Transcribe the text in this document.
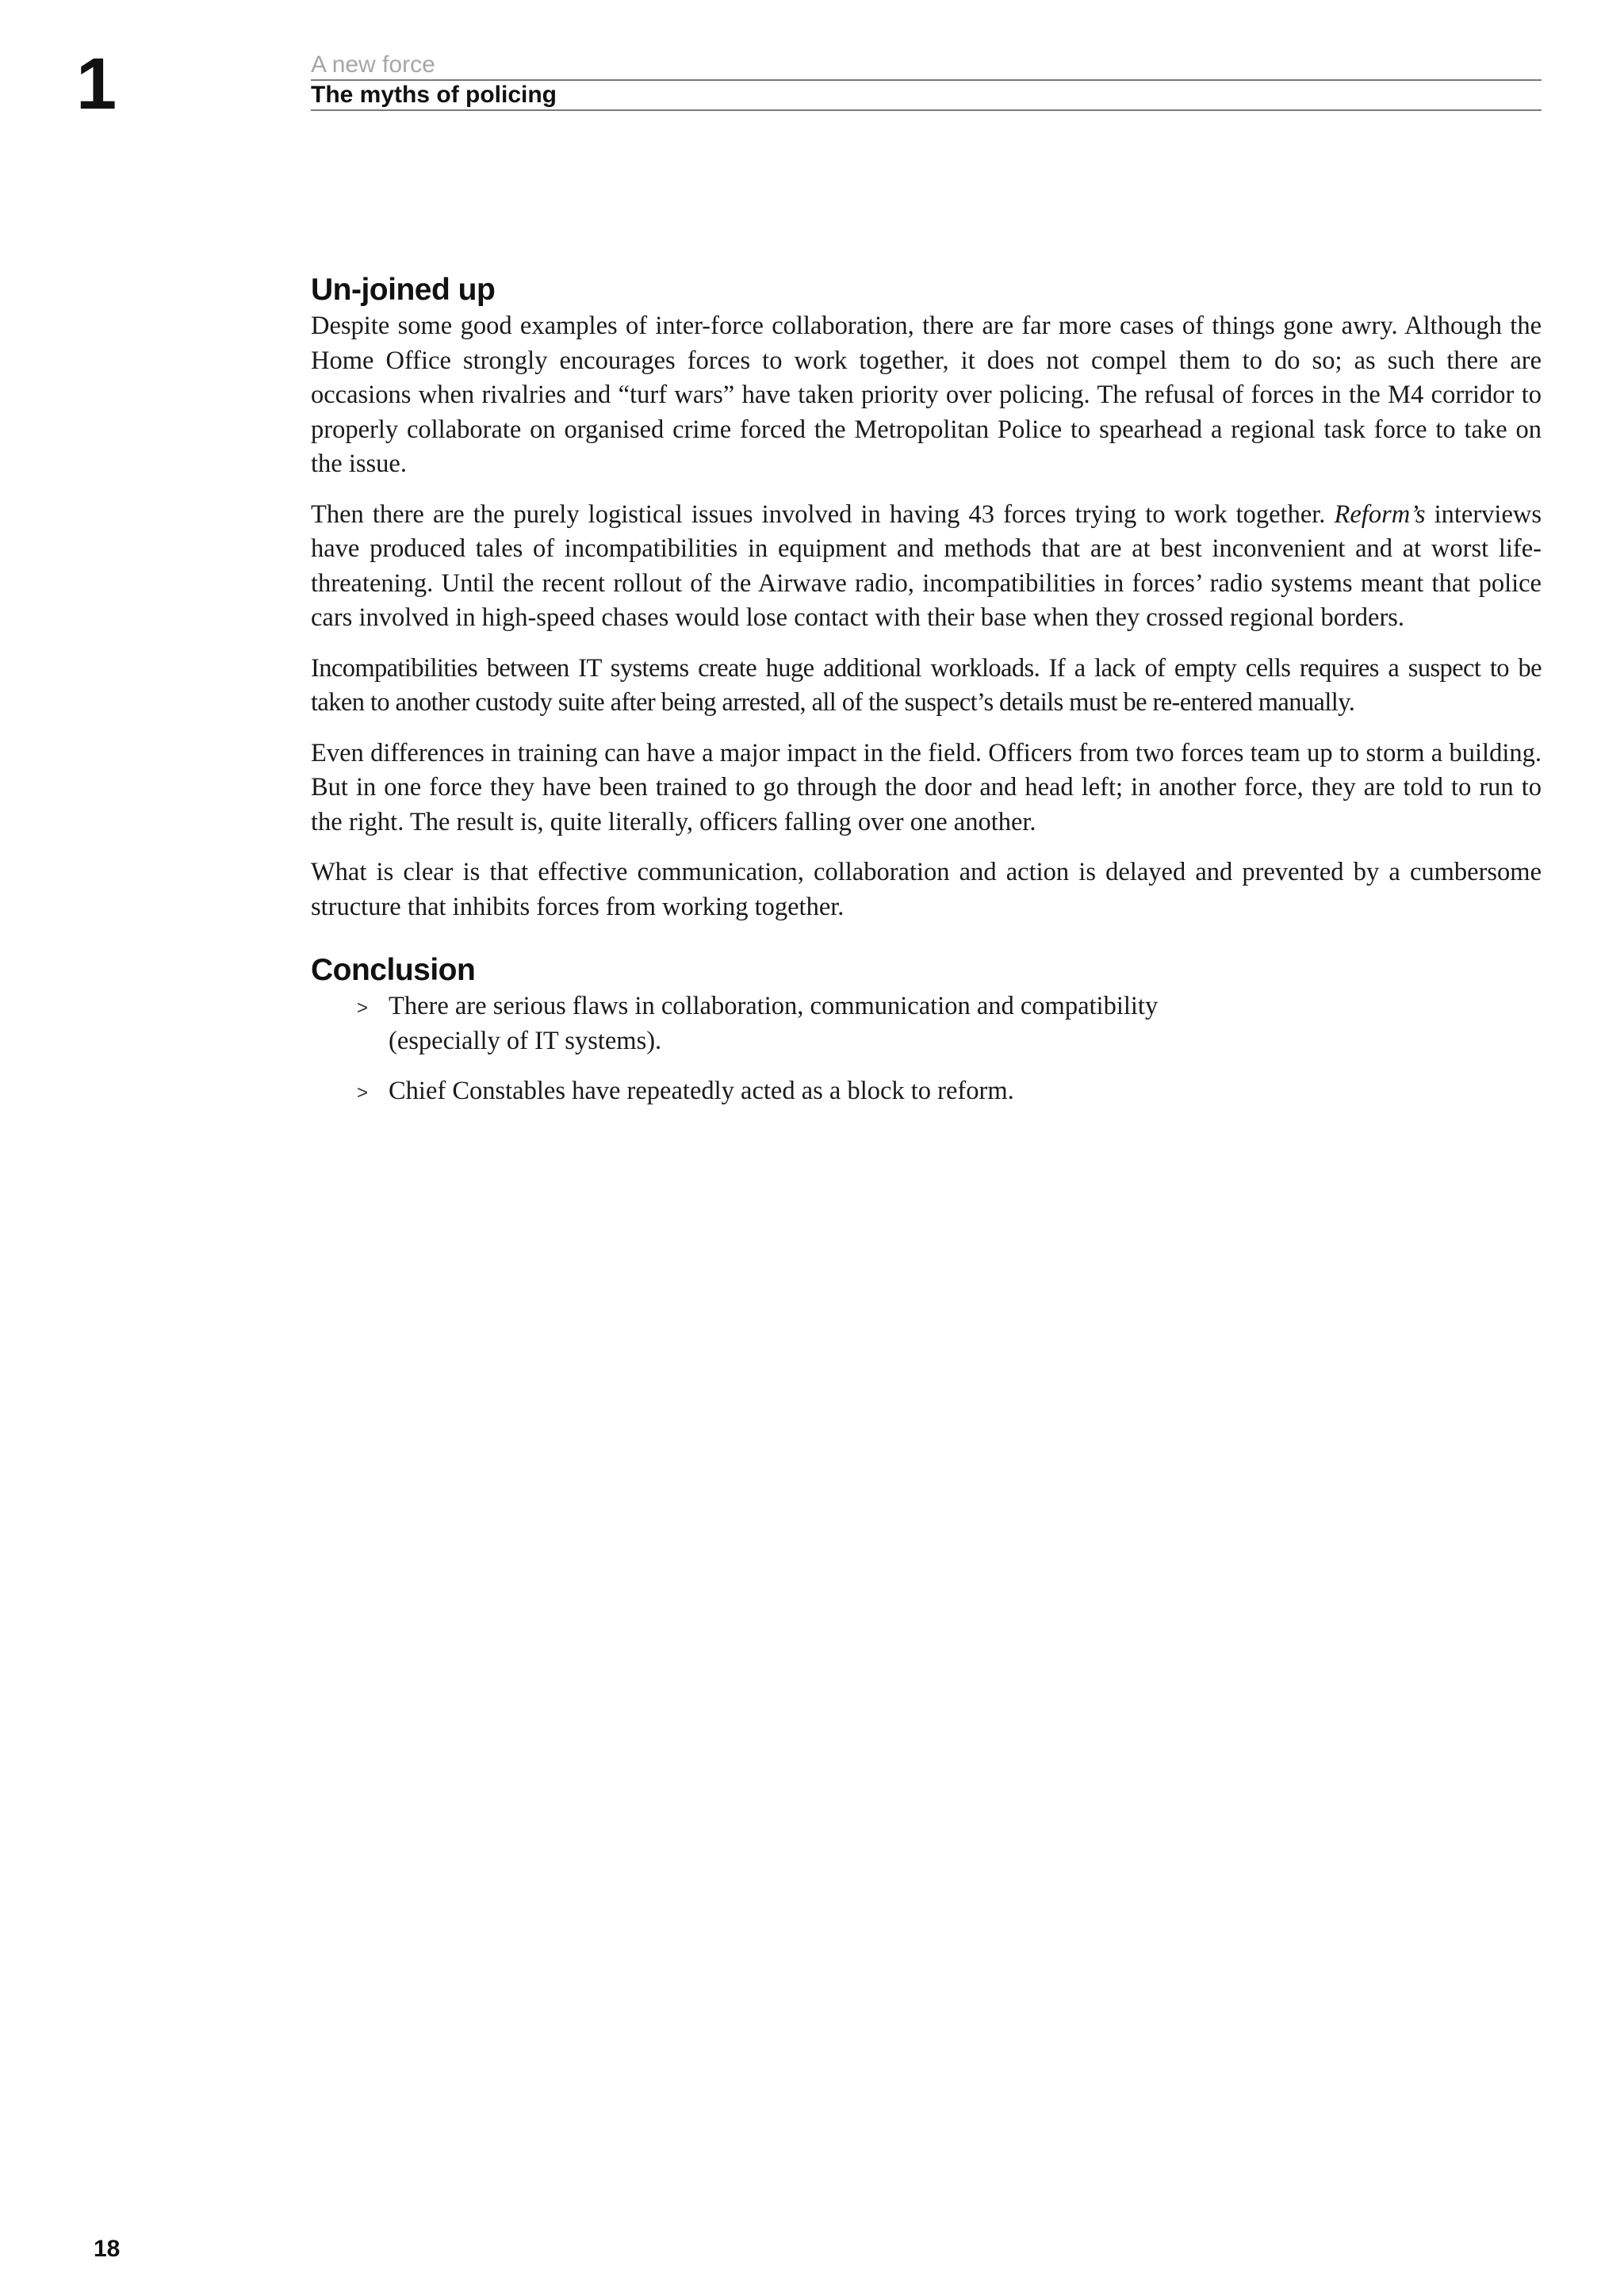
1	A new force
The myths of policing
Un-joined up

Despite some good examples of inter-force collaboration, there are far more cases of things gone awry. Although the Home Office strongly encourages forces to work together, it does not compel them to do so; as such there are occasions when rivalries and “turf wars” have taken priority over policing. The refusal of forces in the M4 corridor to properly collaborate on organised crime forced the Metropolitan Police to spearhead a regional task force to take on the issue.

Then there are the purely logistical issues involved in having 43 forces trying to work together. Reform’s interviews have produced tales of incompatibilities in equipment and methods that are at best inconvenient and at worst life-threatening. Until the recent rollout of the Airwave radio, incompatibilities in forces’ radio systems meant that police cars involved in high-speed chases would lose contact with their base when they crossed regional borders.

Incompatibilities between IT systems create huge additional workloads. If a lack of empty cells requires a suspect to be taken to another custody suite after being arrested, all of the suspect’s details must be re-entered manually.

Even differences in training can have a major impact in the field. Officers from two forces team up to storm a building. But in one force they have been trained to go through the door and head left; in another force, they are told to run to the right. The result is, quite literally, officers falling over one another.

What is clear is that effective communication, collaboration and action is delayed and prevented by a cumbersome structure that inhibits forces from working together.

Conclusion
> There are serious flaws in collaboration, communication and compatibility (especially of IT systems).
> Chief Constables have repeatedly acted as a block to reform.
18
